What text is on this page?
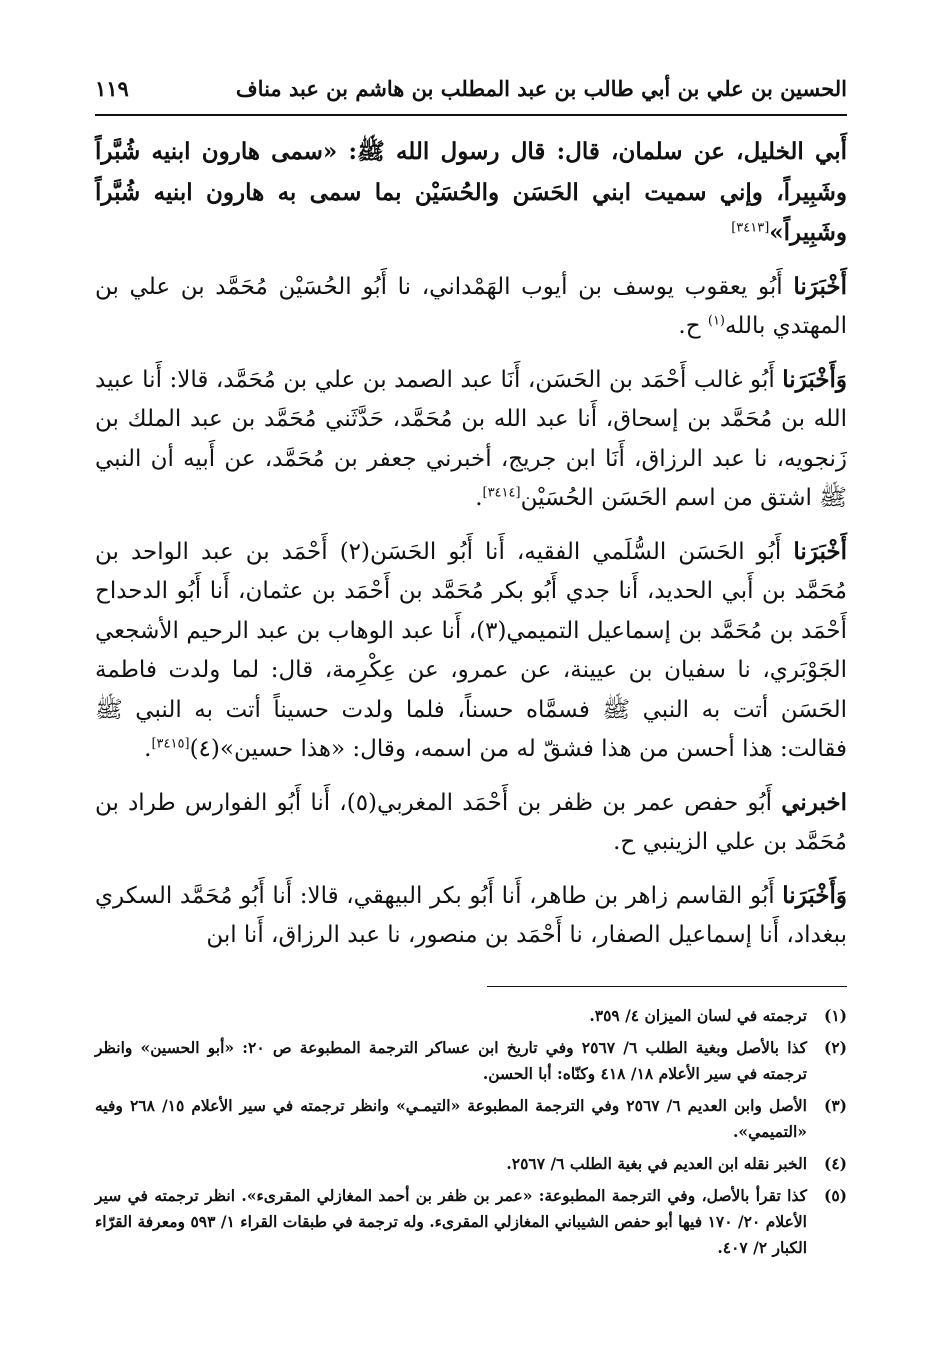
الحسين بن علي بن أبي طالب بن عبد المطلب بن هاشم بن عبد مناف
١١٩

أَبي الخليل، عن سلمان، قال: قال رسول الله ﷺ: «سمى هارون ابنيه شُبَّراً وشَبِيراً، وإني سميت ابني الحَسَن والحُسَيْن بما سمى به هارون ابنيه شُبَّراً وشَبِيراً»[٣٤١٣]

أَخْبَرَنا أَبُو يعقوب يوسف بن أيوب الهَمْداني، نا أَبُو الحُسَيْن مُحَمَّد بن علي بن المهتدي بالله$^{(١)}$ ح.

وَأَخْبَرَنا أَبُو غالب أَحْمَد بن الحَسَن، أَنَا عبد الصمد بن علي بن مُحَمَّد، قالا: أَنا عبيد الله بن مُحَمَّد بن إسحاق، أَنا عبد الله بن مُحَمَّد، حَدَّثَني مُحَمَّد بن عبد الملك بن زَنجويه، نا عبد الرزاق، أَنَا ابن جريج، أخبرني جعفر بن مُحَمَّد، عن أَبيه أن النبي ﷺ اشتق من اسم الحَسَن الحُسَيْن[٣٤١٤].

أَخْبَرَنا أَبُو الحَسَن السُّلَمي الفقيه، أَنا أَبُو الحَسَن(٢) أَحْمَد بن عبد الواحد بن مُحَمَّد بن أَبي الحديد، أَنا جدي أَبُو بكر مُحَمَّد بن أَحْمَد بن عثمان، أَنا أَبُو الدحداح أَحْمَد بن مُحَمَّد بن إسماعيل التميمي(٣)، أَنا عبد الوهاب بن عبد الرحيم الأشجعي الجَوْبَري، نا سفيان بن عيينة، عن عمرو، عن عِكْرِمة، قال: لما ولدت فاطمة الحَسَن أتت به النبي ﷺ فسمَّاه حسناً، فلما ولدت حسيناً أتت به النبي ﷺ فقالت: هذا أحسن من هذا فشقّ له من اسمه، وقال: «هذا حسين»(٤)[٣٤١٥].

اخبرني أَبُو حفص عمر بن ظفر بن أَحْمَد المغربي(٥)، أَنا أَبُو الفوارس طراد بن مُحَمَّد بن علي الزينبي ح.

وَأَخْبَرَنا أَبُو القاسم زاهر بن طاهر، أَنا أَبُو بكر البيهقي، قالا: أَنا أَبُو مُحَمَّد السكري ببغداد، أَنا إسماعيل الصفار، نا أَحْمَد بن منصور، نا عبد الرزاق، أَنا ابن

(١)
ترجمته في لسان الميزان ٤/ ٣٥٩.
(٢)
كذا بالأصل وبغية الطلب ٦/ ٢٥٦٧ وفي تاريخ ابن عساكر الترجمة المطبوعة ص ٢٠: «أبو الحسين» وانظر ترجمته في سير الأعلام ١٨/ ٤١٨ وكنّاه: أبا الحسن.
(٣)
الأصل وابن العديم ٦/ ٢٥٦٧ وفي الترجمة المطبوعة «التيمـي» وانظر ترجمته في سير الأعلام ١٥/ ٢٦٨ وفيه «التميمي».
(٤)
الخبر نقله ابن العديم في بغية الطلب ٦/ ٢٥٦٧.
(٥)
كذا تقرأ بالأصل، وفي الترجمة المطبوعة: «عمر بن ظفر بن أحمد المغازلي المقرىء». انظر ترجمته في سير الأعلام ٢٠/ ١٧٠ فيها أبو حفص الشيباني المغازلي المقرىء. وله ترجمة في طبقات القراء ١/ ٥٩٣ ومعرفة القرّاء الكبار ٢/ ٤٠٧.
